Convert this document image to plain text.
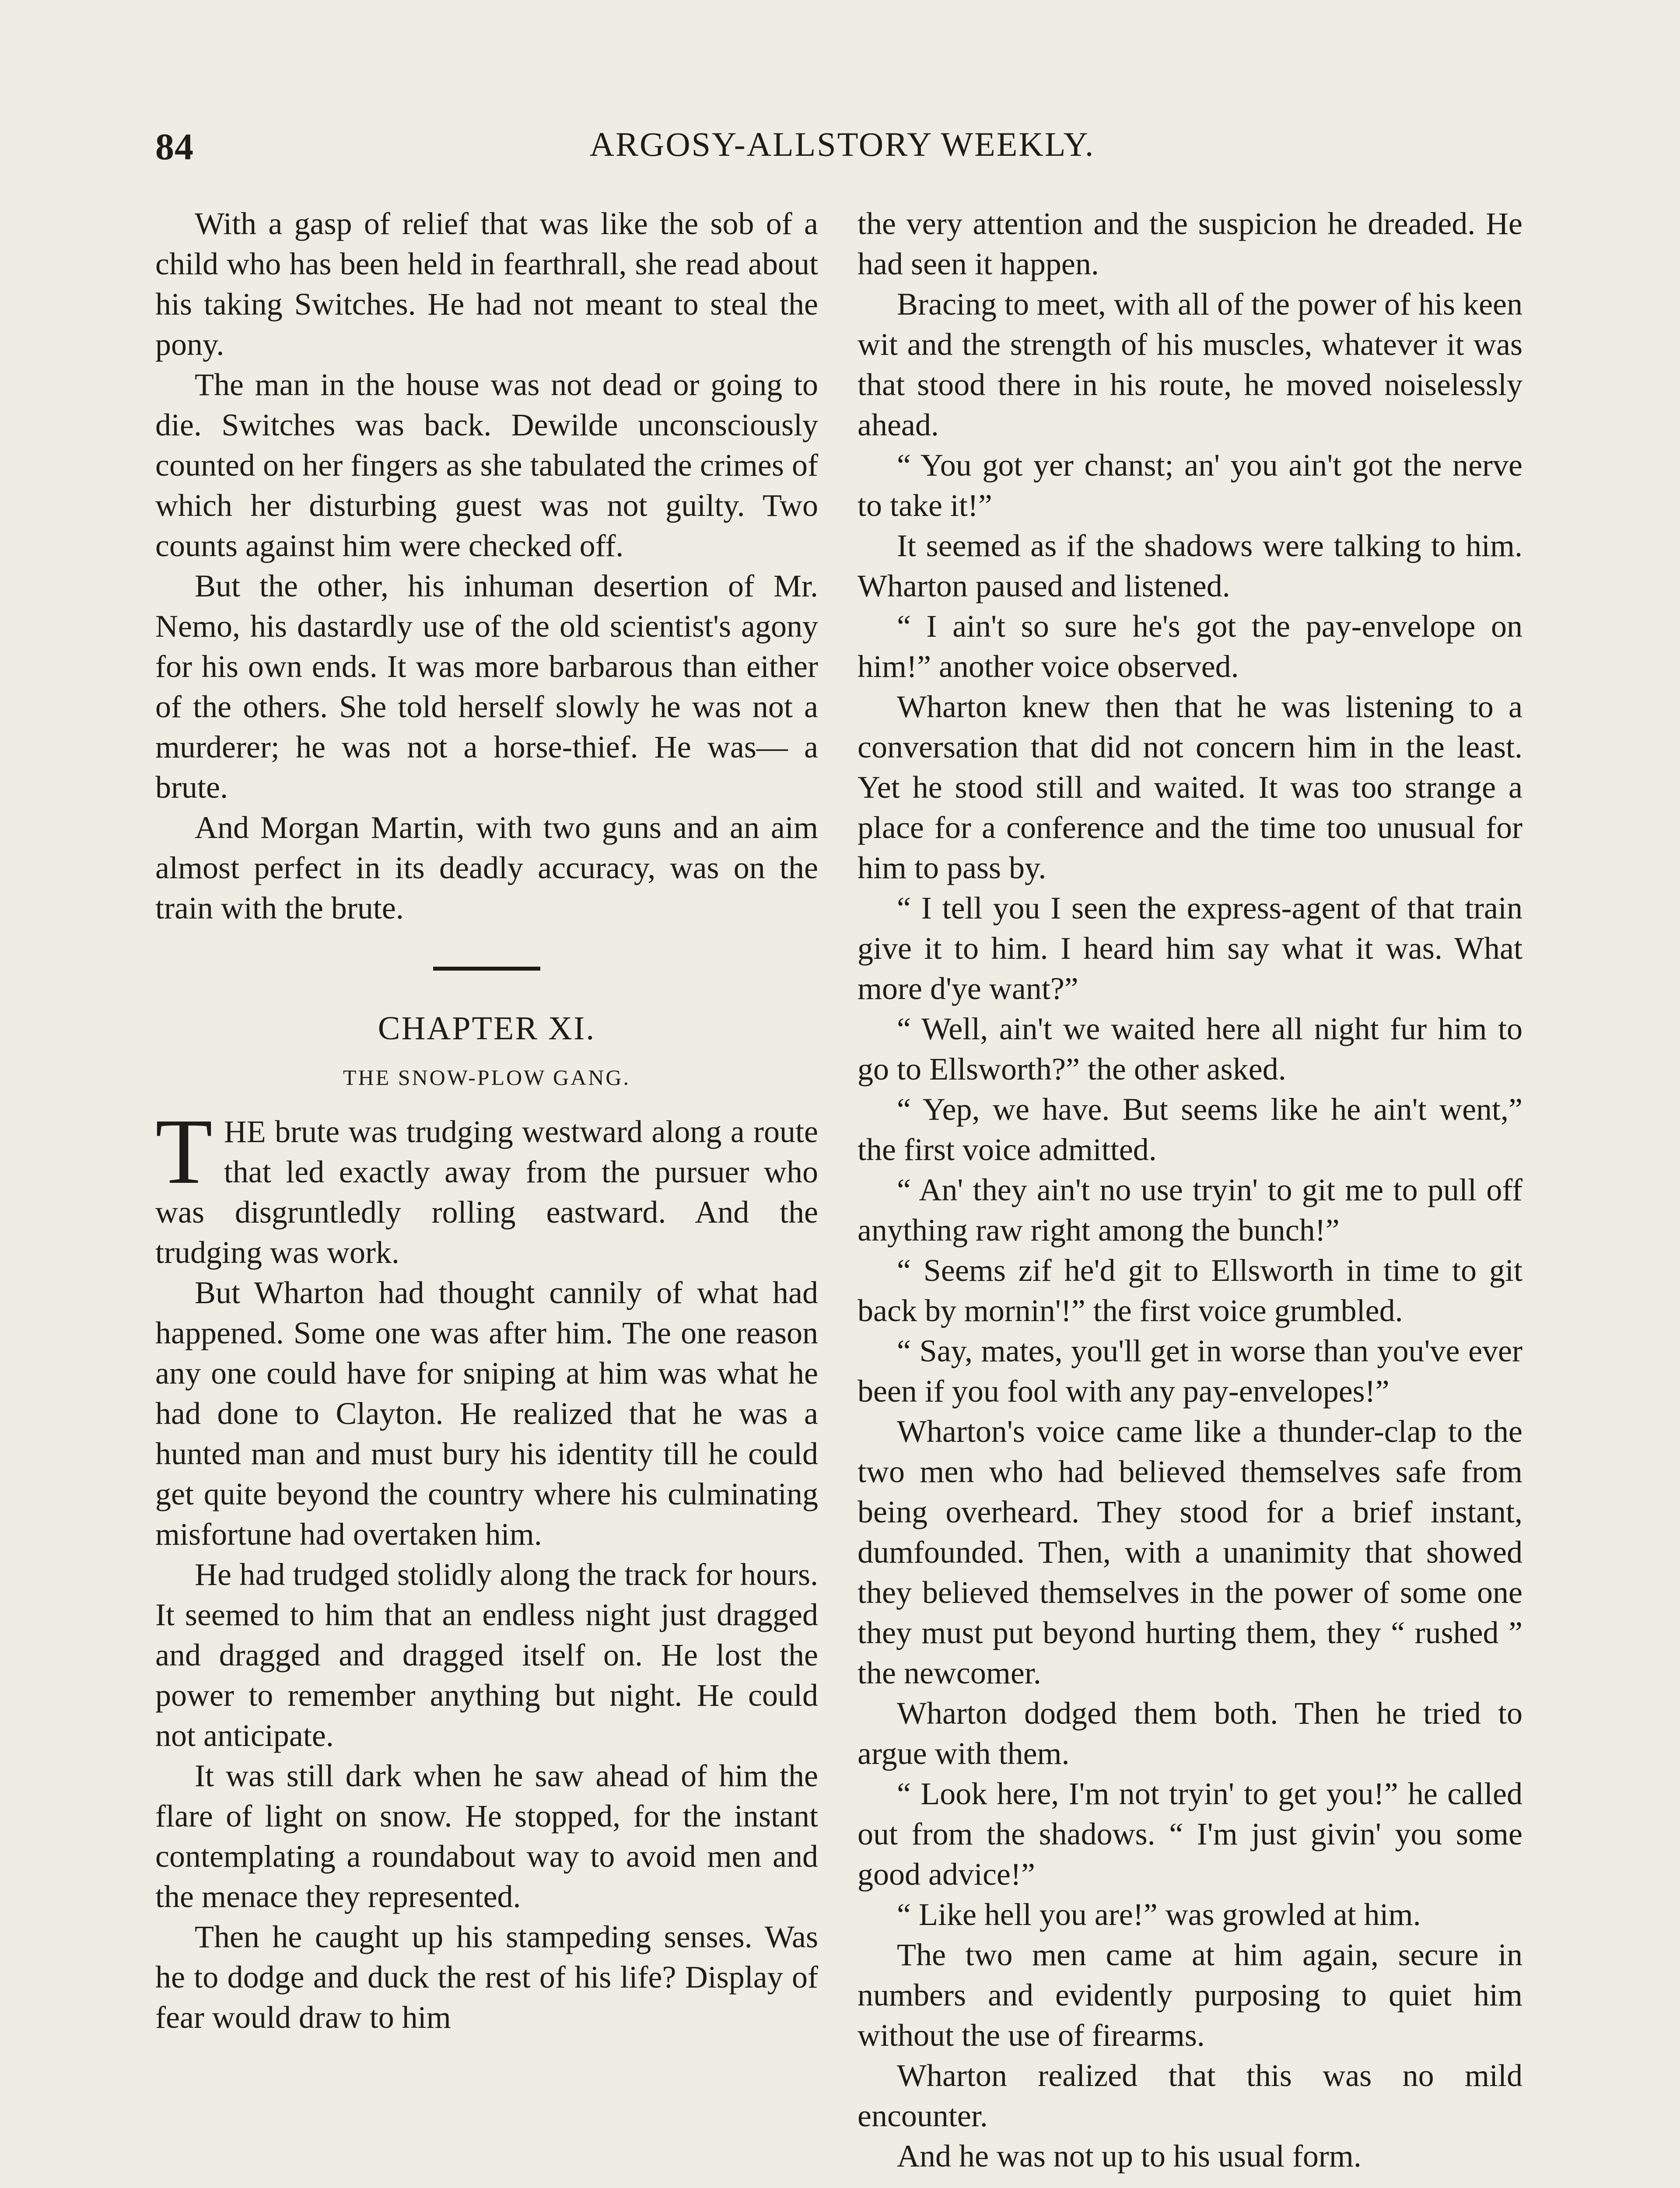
84	ARGOSY-ALLSTORY WEEKLY.

With a gasp of relief that was like the sob of a child who has been held in fearthrall, she read about his taking Switches. He had not meant to steal the pony.

The man in the house was not dead or going to die. Switches was back. Dewilde unconsciously counted on her fingers as she tabulated the crimes of which her disturbing guest was not guilty. Two counts against him were checked off.

But the other, his inhuman desertion of Mr. Nemo, his dastardly use of the old scientist's agony for his own ends. It was more barbarous than either of the others. She told herself slowly he was not a murderer; he was not a horse-thief. He was— a brute.

And Morgan Martin, with two guns and an aim almost perfect in its deadly accuracy, was on the train with the brute.

CHAPTER XI.
THE SNOW-PLOW GANG.

THE brute was trudging westward along a route that led exactly away from the pursuer who was disgruntledly rolling eastward. And the trudging was work.

But Wharton had thought cannily of what had happened. Some one was after him. The one reason any one could have for sniping at him was what he had done to Clayton. He realized that he was a hunted man and must bury his identity till he could get quite beyond the country where his culminating misfortune had overtaken him.

He had trudged stolidly along the track for hours. It seemed to him that an endless night just dragged and dragged and dragged itself on. He lost the power to remember anything but night. He could not anticipate.

It was still dark when he saw ahead of him the flare of light on snow. He stopped, for the instant contemplating a roundabout way to avoid men and the menace they represented.

Then he caught up his stampeding senses. Was he to dodge and duck the rest of his life? Display of fear would draw to him

the very attention and the suspicion he dreaded. He had seen it happen.

Bracing to meet, with all of the power of his keen wit and the strength of his muscles, whatever it was that stood there in his route, he moved noiselessly ahead.

“ You got yer chanst; an' you ain't got the nerve to take it!”

It seemed as if the shadows were talking to him. Wharton paused and listened.

“ I ain't so sure he's got the pay-envelope on him!” another voice observed.

Wharton knew then that he was listening to a conversation that did not concern him in the least. Yet he stood still and waited. It was too strange a place for a conference and the time too unusual for him to pass by.

“ I tell you I seen the express-agent of that train give it to him. I heard him say what it was. What more d'ye want?”

“ Well, ain't we waited here all night fur him to go to Ellsworth?” the other asked.

“ Yep, we have. But seems like he ain't went,” the first voice admitted.

“ An' they ain't no use tryin' to git me to pull off anything raw right among the bunch!”

“ Seems zif he'd git to Ellsworth in time to git back by mornin'!” the first voice grumbled.

“ Say, mates, you'll get in worse than you've ever been if you fool with any pay-envelopes!”

Wharton's voice came like a thunder-clap to the two men who had believed themselves safe from being overheard. They stood for a brief instant, dumfounded. Then, with a unanimity that showed they believed themselves in the power of some one they must put beyond hurting them, they “ rushed ” the newcomer.

Wharton dodged them both. Then he tried to argue with them.

“ Look here, I'm not tryin' to get you!” he called out from the shadows. “ I'm just givin' you some good advice!”

“ Like hell you are!” was growled at him.

The two men came at him again, secure in numbers and evidently purposing to quiet him without the use of firearms.

Wharton realized that this was no mild encounter.

And he was not up to his usual form.
